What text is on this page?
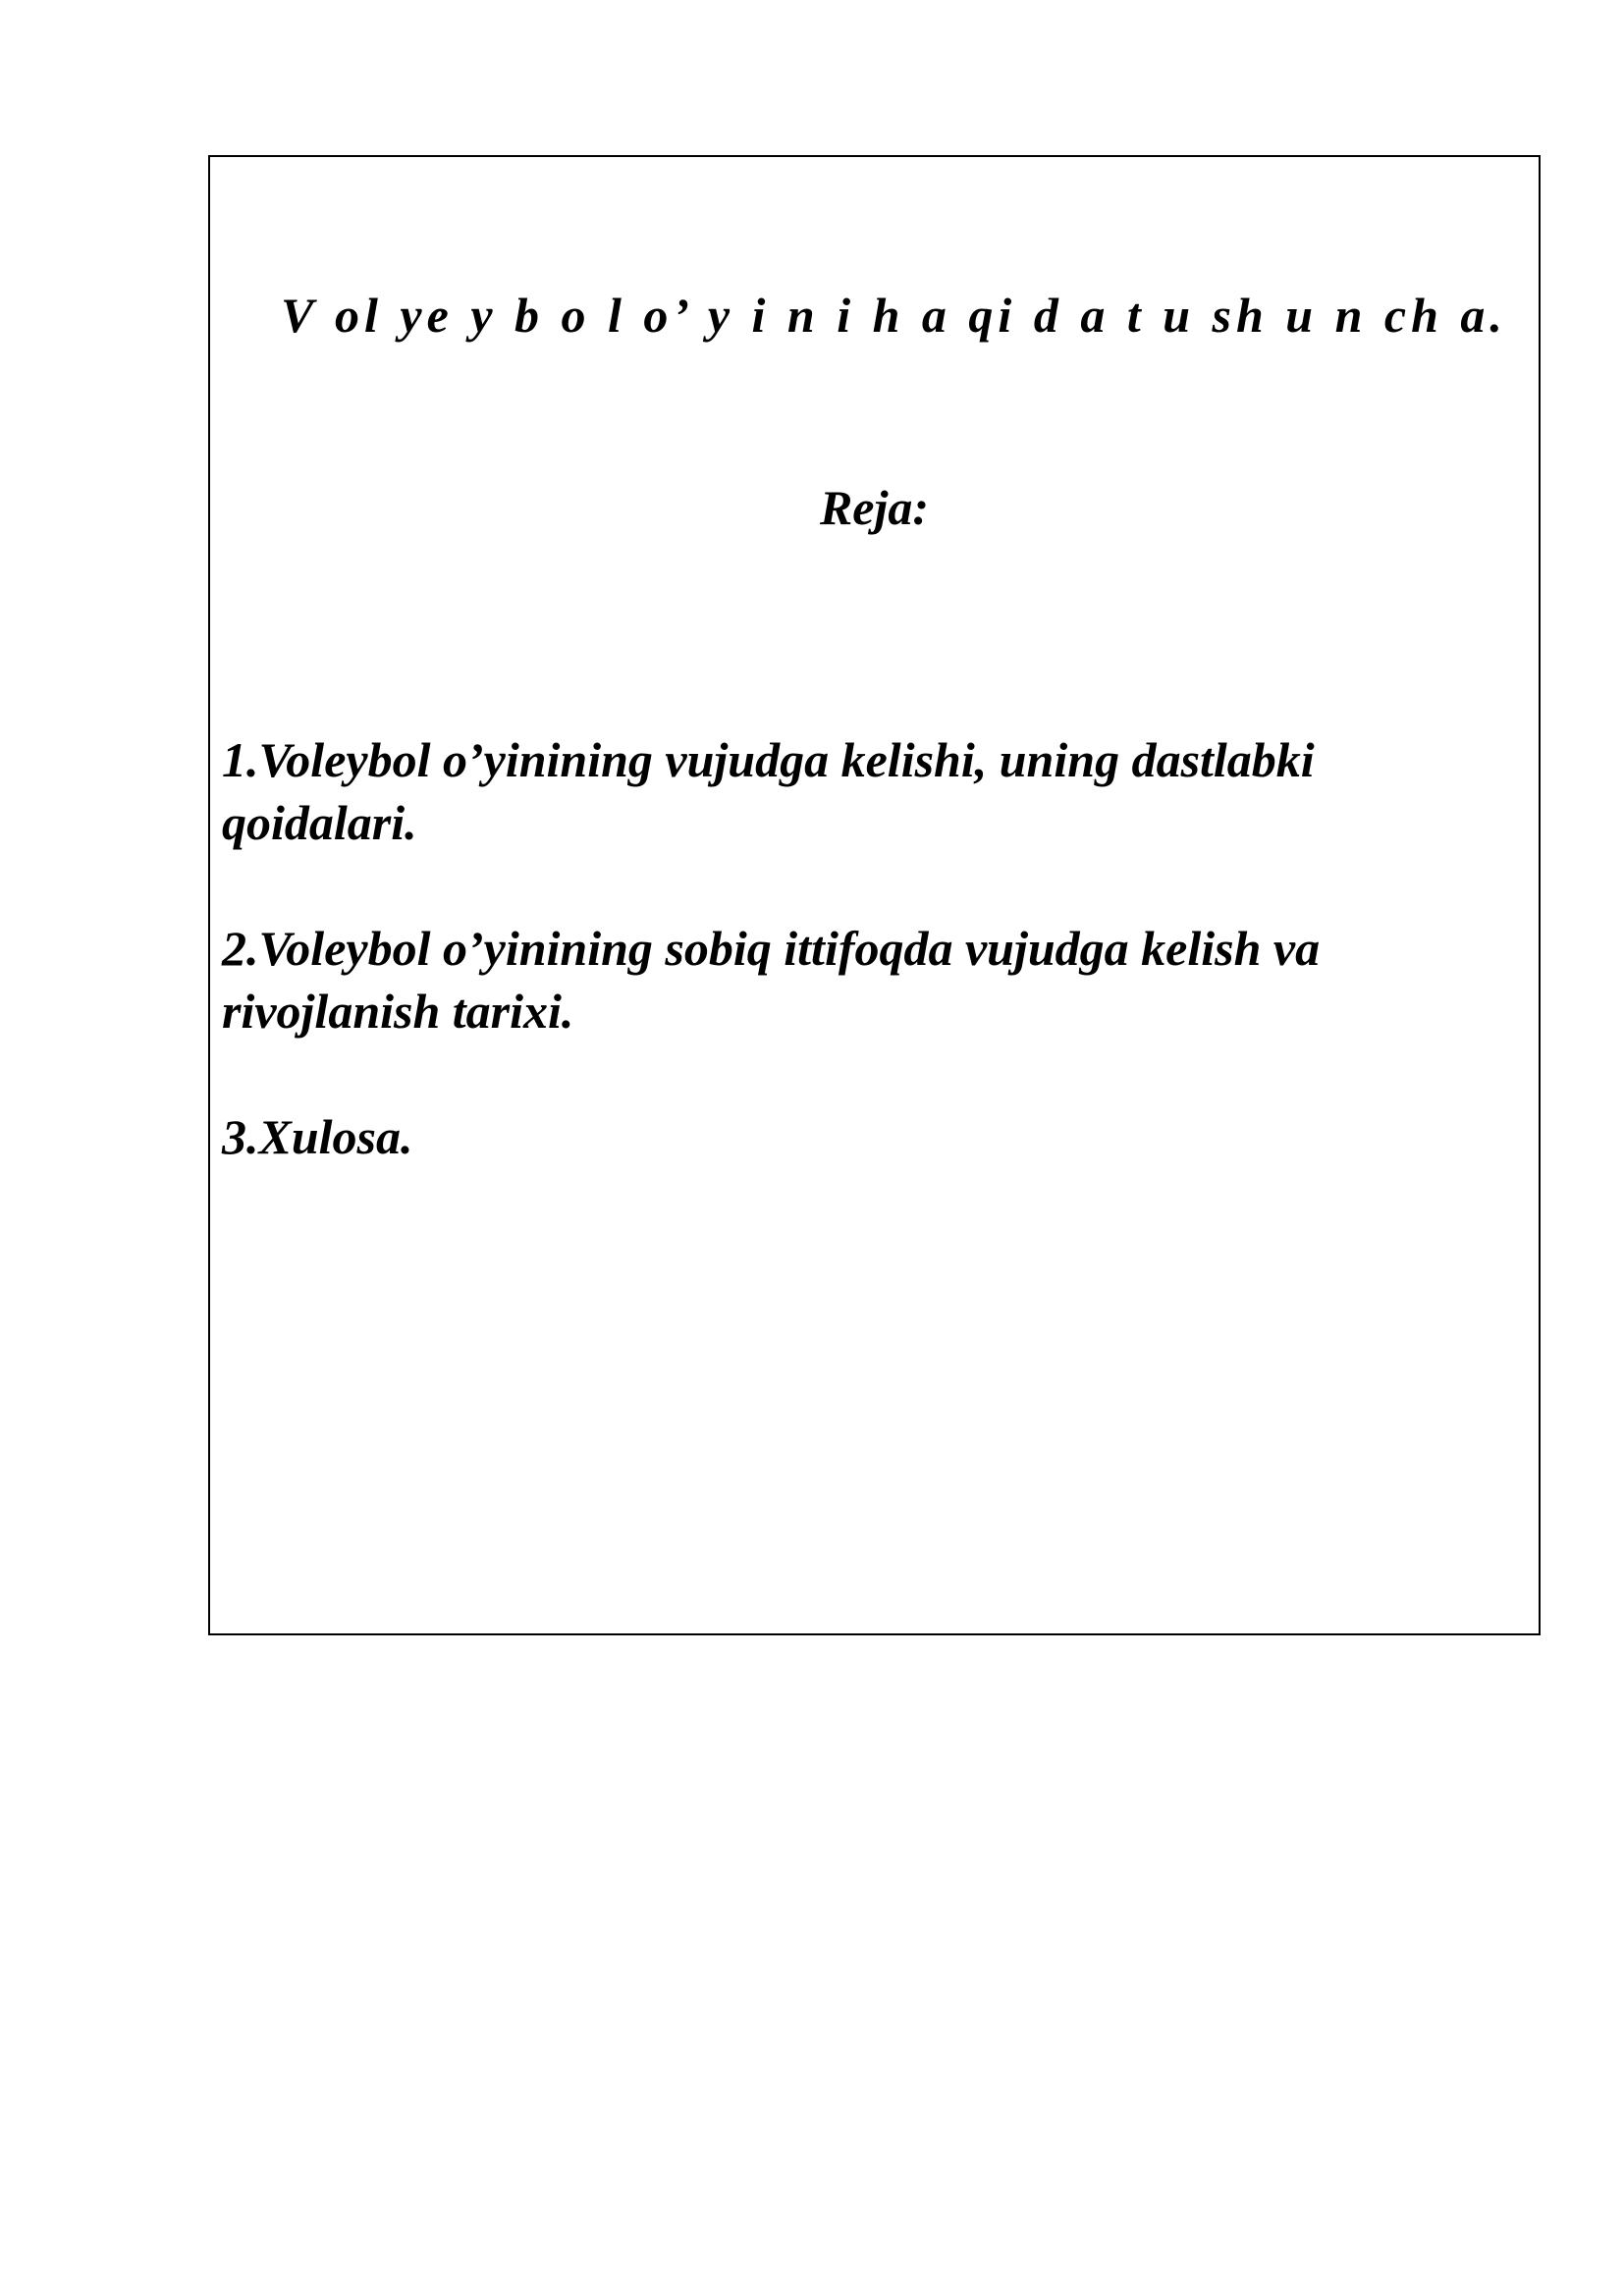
V ol ye y b o l o’ y i n i h a qi d a t u sh u n ch a.
Reja:
1.Voleybol o’yinining vujudga kelishi, uning dastlabki qoidalari.
2.Voleybol o’yinining sobiq ittifoqda vujudga kelish va rivojlanish tarixi.
3.Xulosa.
